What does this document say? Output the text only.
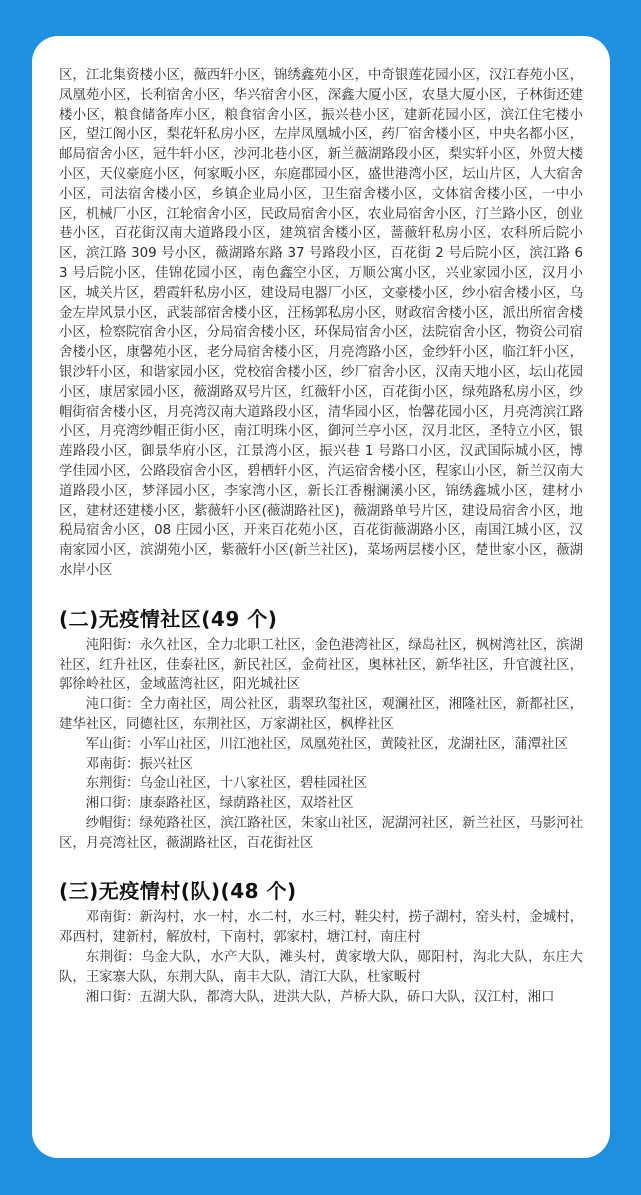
区，江北集资楼小区，薇西轩小区，锦绣鑫苑小区，中奇银莲花园小区，汉江春苑小区，凤凰苑小区，长利宿舍小区，华兴宿舍小区，深鑫大厦小区，农垦大厦小区，子林街还建楼小区，粮食储备库小区，粮食宿舍小区，振兴巷小区，建新花园小区，滨江住宅楼小区，望江阁小区，梨花轩私房小区，左岸凤凰城小区，药厂宿舍楼小区，中央名都小区，邮局宿舍小区，冠牛轩小区，沙河北巷小区，新兰薇湖路段小区，梨实轩小区，外贸大楼小区，天仪豪庭小区，何家畈小区，东庭郡园小区，盛世港湾小区，坛山片区，人大宿舍小区，司法宿舍楼小区，乡镇企业局小区，卫生宿舍楼小区，文体宿舍楼小区，一中小区，机械厂小区，江轮宿舍小区，民政局宿舍小区，农业局宿舍小区，汀兰路小区，创业巷小区，百花街汉南大道路段小区，建筑宿舍楼小区，蔷薇轩私房小区，农科所后院小区，滨江路 309 号小区，薇湖路东路 37 号路段小区，百花街 2 号后院小区，滨江路 63 号后院小区，佳锦花园小区，南色鑫空小区，万顺公寓小区，兴业家园小区，汉月小区，城关片区，碧霞轩私房小区，建设局电器厂小区，文豪楼小区，纱小宿舍楼小区，乌金左岸风景小区，武装部宿舍楼小区，汪杨郭私房小区，财政宿舍楼小区，派出所宿舍楼小区，检察院宿舍小区，分局宿舍楼小区，环保局宿舍小区，法院宿舍小区，物资公司宿舍楼小区，康馨苑小区，老分局宿舍楼小区，月亮湾路小区，金纱轩小区，临江轩小区，银沙轩小区，和谐家园小区，党校宿舍楼小区，纱厂宿舍小区，汉南天地小区，坛山花园小区，康居家园小区，薇湖路双号片区，红薇轩小区，百花街小区，绿苑路私房小区，纱帽街宿舍楼小区，月亮湾汉南大道路段小区，清华园小区，怡馨花园小区，月亮湾滨江路小区，月亮湾纱帽正街小区，南江明珠小区，御河兰亭小区，汉月北区，圣特立小区，银莲路段小区，御景华府小区，江景湾小区，振兴巷 1 号路口小区，汉武国际城小区，博学佳园小区，公路段宿舍小区，碧栖轩小区，汽运宿舍楼小区，程家山小区，新兰汉南大道路段小区，梦泽园小区，李家湾小区，新长江香榭澜溪小区，锦绣鑫城小区，建材小区，建材还建楼小区，紫薇轩小区(薇湖路社区)，薇湖路单号片区，建设局宿舍小区，地税局宿舍小区，08 庄园小区，开来百花苑小区，百花街薇湖路小区，南国江城小区，汉南家园小区，滨湖苑小区，紫薇轩小区(新兰社区)，菜场两层楼小区，楚世家小区，薇湖水岸小区

(二)无疫情社区(49 个)

沌阳街：永久社区，全力北职工社区，金色港湾社区，绿岛社区，枫树湾社区，滨湖社区，红升社区，佳泰社区，新民社区，金荷社区，奥林社区，新华社区，升官渡社区，郭徐岭社区，金域蓝湾社区，阳光城社区

沌口街：全力南社区，周公社区，翡翠玖玺社区，观澜社区，湘隆社区，新都社区，建华社区，同德社区，东荆社区，万家湖社区，枫桦社区

军山街：小军山社区，川江池社区，凤凰苑社区，黄陵社区，龙湖社区，蒲潭社区

邓南街：振兴社区

东荆街：乌金山社区，十八家社区，碧桂园社区

湘口街：康泰路社区，绿荫路社区，双塔社区

纱帽街：绿苑路社区，滨江路社区，朱家山社区，泥湖河社区，新兰社区，马影河社区，月亮湾社区，薇湖路社区，百花街社区

(三)无疫情村(队)(48 个)

邓南街：新沟村，水一村，水二村，水三村，鞋尖村，捞子湖村，窑头村，金城村，邓西村，建新村，解放村，下南村，郭家村，塘江村，南庄村

东荆街：乌金大队，水产大队，滩头村，黄家墩大队，郧阳村，沟北大队，东庄大队，王家寨大队，东荆大队，南丰大队，清江大队，杜家畈村

湘口街：五湖大队，都湾大队，进洪大队，芦桥大队，硚口大队，汉江村，湘口
